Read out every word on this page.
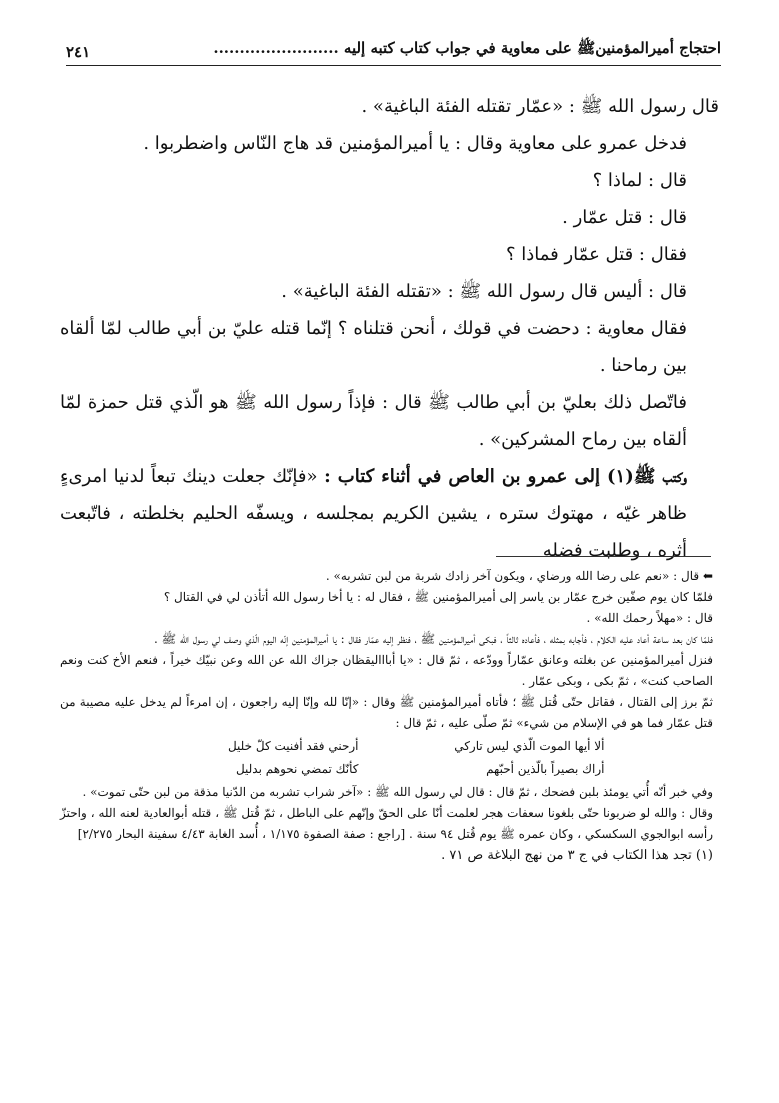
احتجاج أميرالمؤمنينﷺ على معاوية في جواب كتاب كتبه إليه ........................
٢٤١

قال رسول الله ﷺ : «عمّار تقتله الفئة الباغية» .

فدخل عمرو على معاوية وقال : يا أميرالمؤمنين قد هاج النّاس واضطربوا .

قال : لماذا ؟

قال : قتل عمّار .

فقال : قتل عمّار فماذا ؟

قال : أليس قال رسول الله ﷺ : «تقتله الفئة الباغية» .

فقال معاوية : دحضت في قولك ، أنحن قتلناه ؟ إنّما قتله عليّ بن أبي طالب لمّا ألقاه بين رماحنا .

فاتّصل ذلك بعليّ بن أبي طالب ﷺ قال : فإذاً رسول الله ﷺ هو الّذي قتل حمزة لمّا ألقاه بين رماح المشركين» .

وكتب ﷺ(١) إلى عمرو بن العاص في أثناء كتاب : «فإنّك جعلت دينك تبعاً لدنيا امرىءٍ ظاهر غيّه ، مهتوك ستره ، يشين الكريم بمجلسه ، ويسفّه الحليم بخلطته ، فاتّبعت أثره ، وطلبت فضله

⬅ قال : «نعم على رضا الله ورضاي ، ويكون آخر زادك شربة من لبن تشربه» .

فلمّا كان يوم صفّين خرج عمّار بن ياسر إلى أميرالمؤمنين ﷺ ، فقال له : يا أخا رسول الله أتأذن لي في القتال ؟

قال : «مهلاً رحمك الله» .

فلمّا كان بعد ساعة أعاد عليه الكلام ، فأجابه بمثله ، فأعاده ثالثاً ، فبكى أميرالمؤمنين ﷺ ، فنظر إليه عمّار فقال : يا أميرالمؤمنين إنّه اليوم الّذي وصف لي رسول الله ﷺ .

فنزل أميرالمؤمنين عن بغلته وعانق عمّاراً وودّعه ، ثمّ قال : «يا أباااليقظان جزاك الله عن الله وعن نبيّك خيراً ، فنعم الأخ كنت ونعم الصاحب كنت» ، ثمّ بكى ، وبكى عمّار .

ثمّ برز إلى القتال ، فقاتل حتّى قُتل ﷺ ؛ فأتاه أميرالمؤمنين ﷺ وقال : «إنّا لله وإنّا إليه راجعون ، إن امرءاً لم يدخل عليه مصيبة من قتل عمّار فما هو في الإسلام من شيء» ثمّ صلّى عليه ، ثمّ قال :

ألا أيها الموت الّذي ليس تاركي
أرحني فقد أفنيت كلّ خليل
أراك بصيراً بالّذين أحبّهم
كأنّك تمضي نحوهم بدليل

وفي خبر أنّه أُتي يومئذ بلبن فضحك ، ثمّ قال : قال لي رسول الله ﷺ : «آخر شراب تشربه من الدّنيا مذقة من لبن حتّى تموت» .

وقال : والله لو ضربونا حتّى بلغونا سعفات هجر لعلمت أنّا على الحقّ وإنّهم على الباطل ، ثمّ قُتل ﷺ ، قتله أبوالعادية لعنه الله ، واحتزّ رأسه ابوالجوي السكسكي ، وكان عمره ﷺ يوم قُتل ٩٤ سنة . [راجع : صفة الصفوة ١/١٧٥ ، أُسد الغابة ٤/٤٣ سفينة البحار ٢/٢٧٥]

(١) تجد هذا الكتاب في ج ٣ من نهج البلاغة ص ٧١ .
